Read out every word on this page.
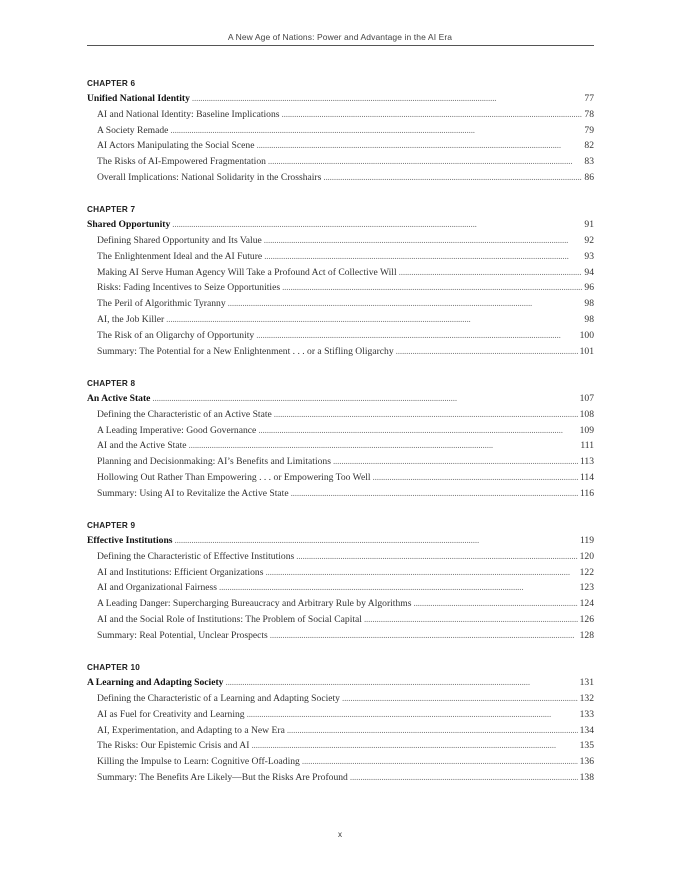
A New Age of Nations: Power and Advantage in the AI Era
CHAPTER 6
Unified National Identity . . .	77
AI and National Identity: Baseline Implications . . .	78
A Society Remade . . .	79
AI Actors Manipulating the Social Scene . . .	82
The Risks of AI-Empowered Fragmentation . . .	83
Overall Implications: National Solidarity in the Crosshairs . . .	86
CHAPTER 7
Shared Opportunity . . .	91
Defining Shared Opportunity and Its Value . . .	92
The Enlightenment Ideal and the AI Future . . .	93
Making AI Serve Human Agency Will Take a Profound Act of Collective Will . . .	94
Risks: Fading Incentives to Seize Opportunities . . .	96
The Peril of Algorithmic Tyranny . . .	98
AI, the Job Killer . . .	98
The Risk of an Oligarchy of Opportunity . . .	100
Summary: The Potential for a New Enlightenment . . . or a Stifling Oligarchy . . .	101
CHAPTER 8
An Active State . . .	107
Defining the Characteristic of an Active State . . .	108
A Leading Imperative: Good Governance . . .	109
AI and the Active State . . .	111
Planning and Decisionmaking: AI’s Benefits and Limitations . . .	113
Hollowing Out Rather Than Empowering . . . or Empowering Too Well . . .	114
Summary: Using AI to Revitalize the Active State . . .	116
CHAPTER 9
Effective Institutions . . .	119
Defining the Characteristic of Effective Institutions . . .	120
AI and Institutions: Efficient Organizations . . .	122
AI and Organizational Fairness . . .	123
A Leading Danger: Supercharging Bureaucracy and Arbitrary Rule by Algorithms . . .	124
AI and the Social Role of Institutions: The Problem of Social Capital . . .	126
Summary: Real Potential, Unclear Prospects . . .	128
CHAPTER 10
A Learning and Adapting Society . . .	131
Defining the Characteristic of a Learning and Adapting Society . . .	132
AI as Fuel for Creativity and Learning . . .	133
AI, Experimentation, and Adapting to a New Era . . .	134
The Risks: Our Epistemic Crisis and AI . . .	135
Killing the Impulse to Learn: Cognitive Off-Loading . . .	136
Summary: The Benefits Are Likely—But the Risks Are Profound . . .	138
x
